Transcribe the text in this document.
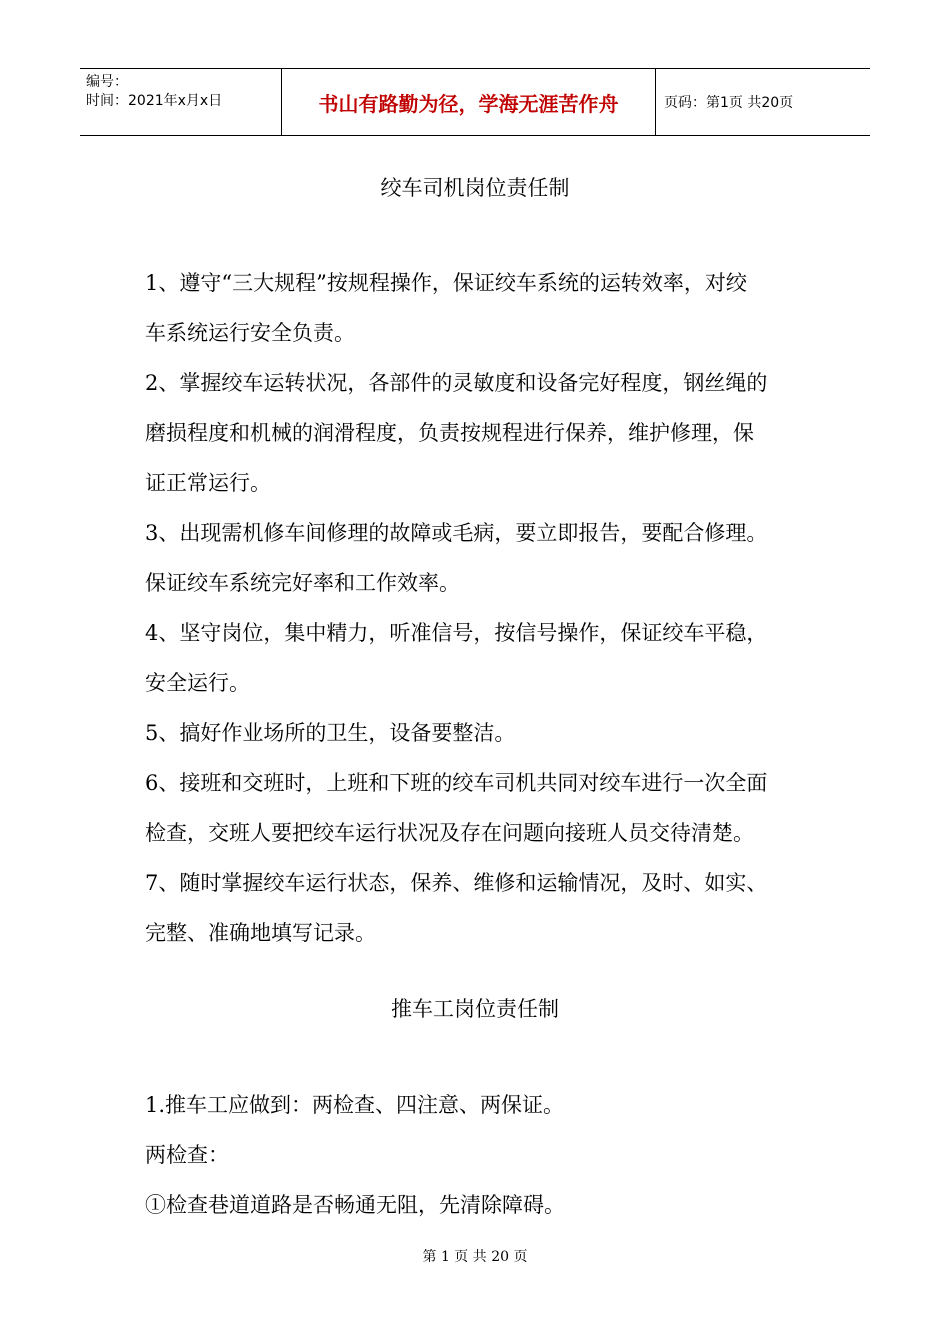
编号：
时间：2021年x月x日	书山有路勤为径，学海无涯苦作舟	页码：第1页 共20页
绞车司机岗位责任制

1、遵守“三大规程”按规程操作，保证绞车系统的运转效率，对绞

车系统运行安全负责。

2、掌握绞车运转状况，各部件的灵敏度和设备完好程度，钢丝绳的

磨损程度和机械的润滑程度，负责按规程进行保养，维护修理，保

证正常运行。

3、出现需机修车间修理的故障或毛病，要立即报告，要配合修理。

保证绞车系统完好率和工作效率。

4、坚守岗位，集中精力，听准信号，按信号操作，保证绞车平稳，

安全运行。

5、搞好作业场所的卫生，设备要整洁。

6、接班和交班时，上班和下班的绞车司机共同对绞车进行一次全面

检查，交班人要把绞车运行状况及存在问题向接班人员交待清楚。

7、随时掌握绞车运行状态，保养、维修和运输情况，及时、如实、

完整、准确地填写记录。

推车工岗位责任制

1.推车工应做到：两检查、四注意、两保证。

两检查：

①检查巷道道路是否畅通无阻，先清除障碍。

第 1 页 共 20 页
